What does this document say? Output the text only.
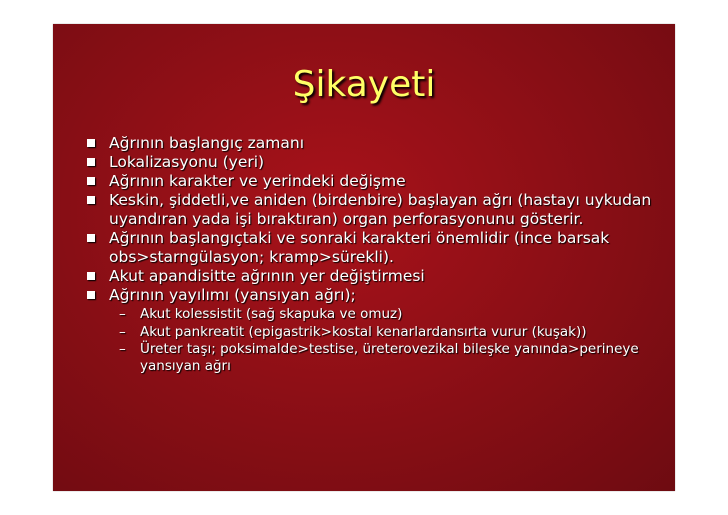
Şikayeti

Ağrının başlangıç zamanı

Lokalizasyonu (yeri)

Ağrının karakter ve yerindeki değişme

Keskin, şiddetli,ve aniden (birdenbire) başlayan ağrı (hastayı uykudan uyandıran yada işi bıraktıran) organ perforasyonunu gösterir.

Ağrının başlangıçtaki ve sonraki karakteri önemlidir (ince barsak obs>starngülasyon; kramp>sürekli).

Akut apandisitte ağrının yer değiştirmesi

Ağrının yayılımı (yansıyan ağrı);

– Akut kolessistit (sağ skapuka ve omuz)

– Akut pankreatit (epigastrik>kostal kenarlardansırta vurur (kuşak))

– Üreter taşı; poksimalde>testise, üreterovezikal bileşke yanında>perineye yansıyan ağrı
